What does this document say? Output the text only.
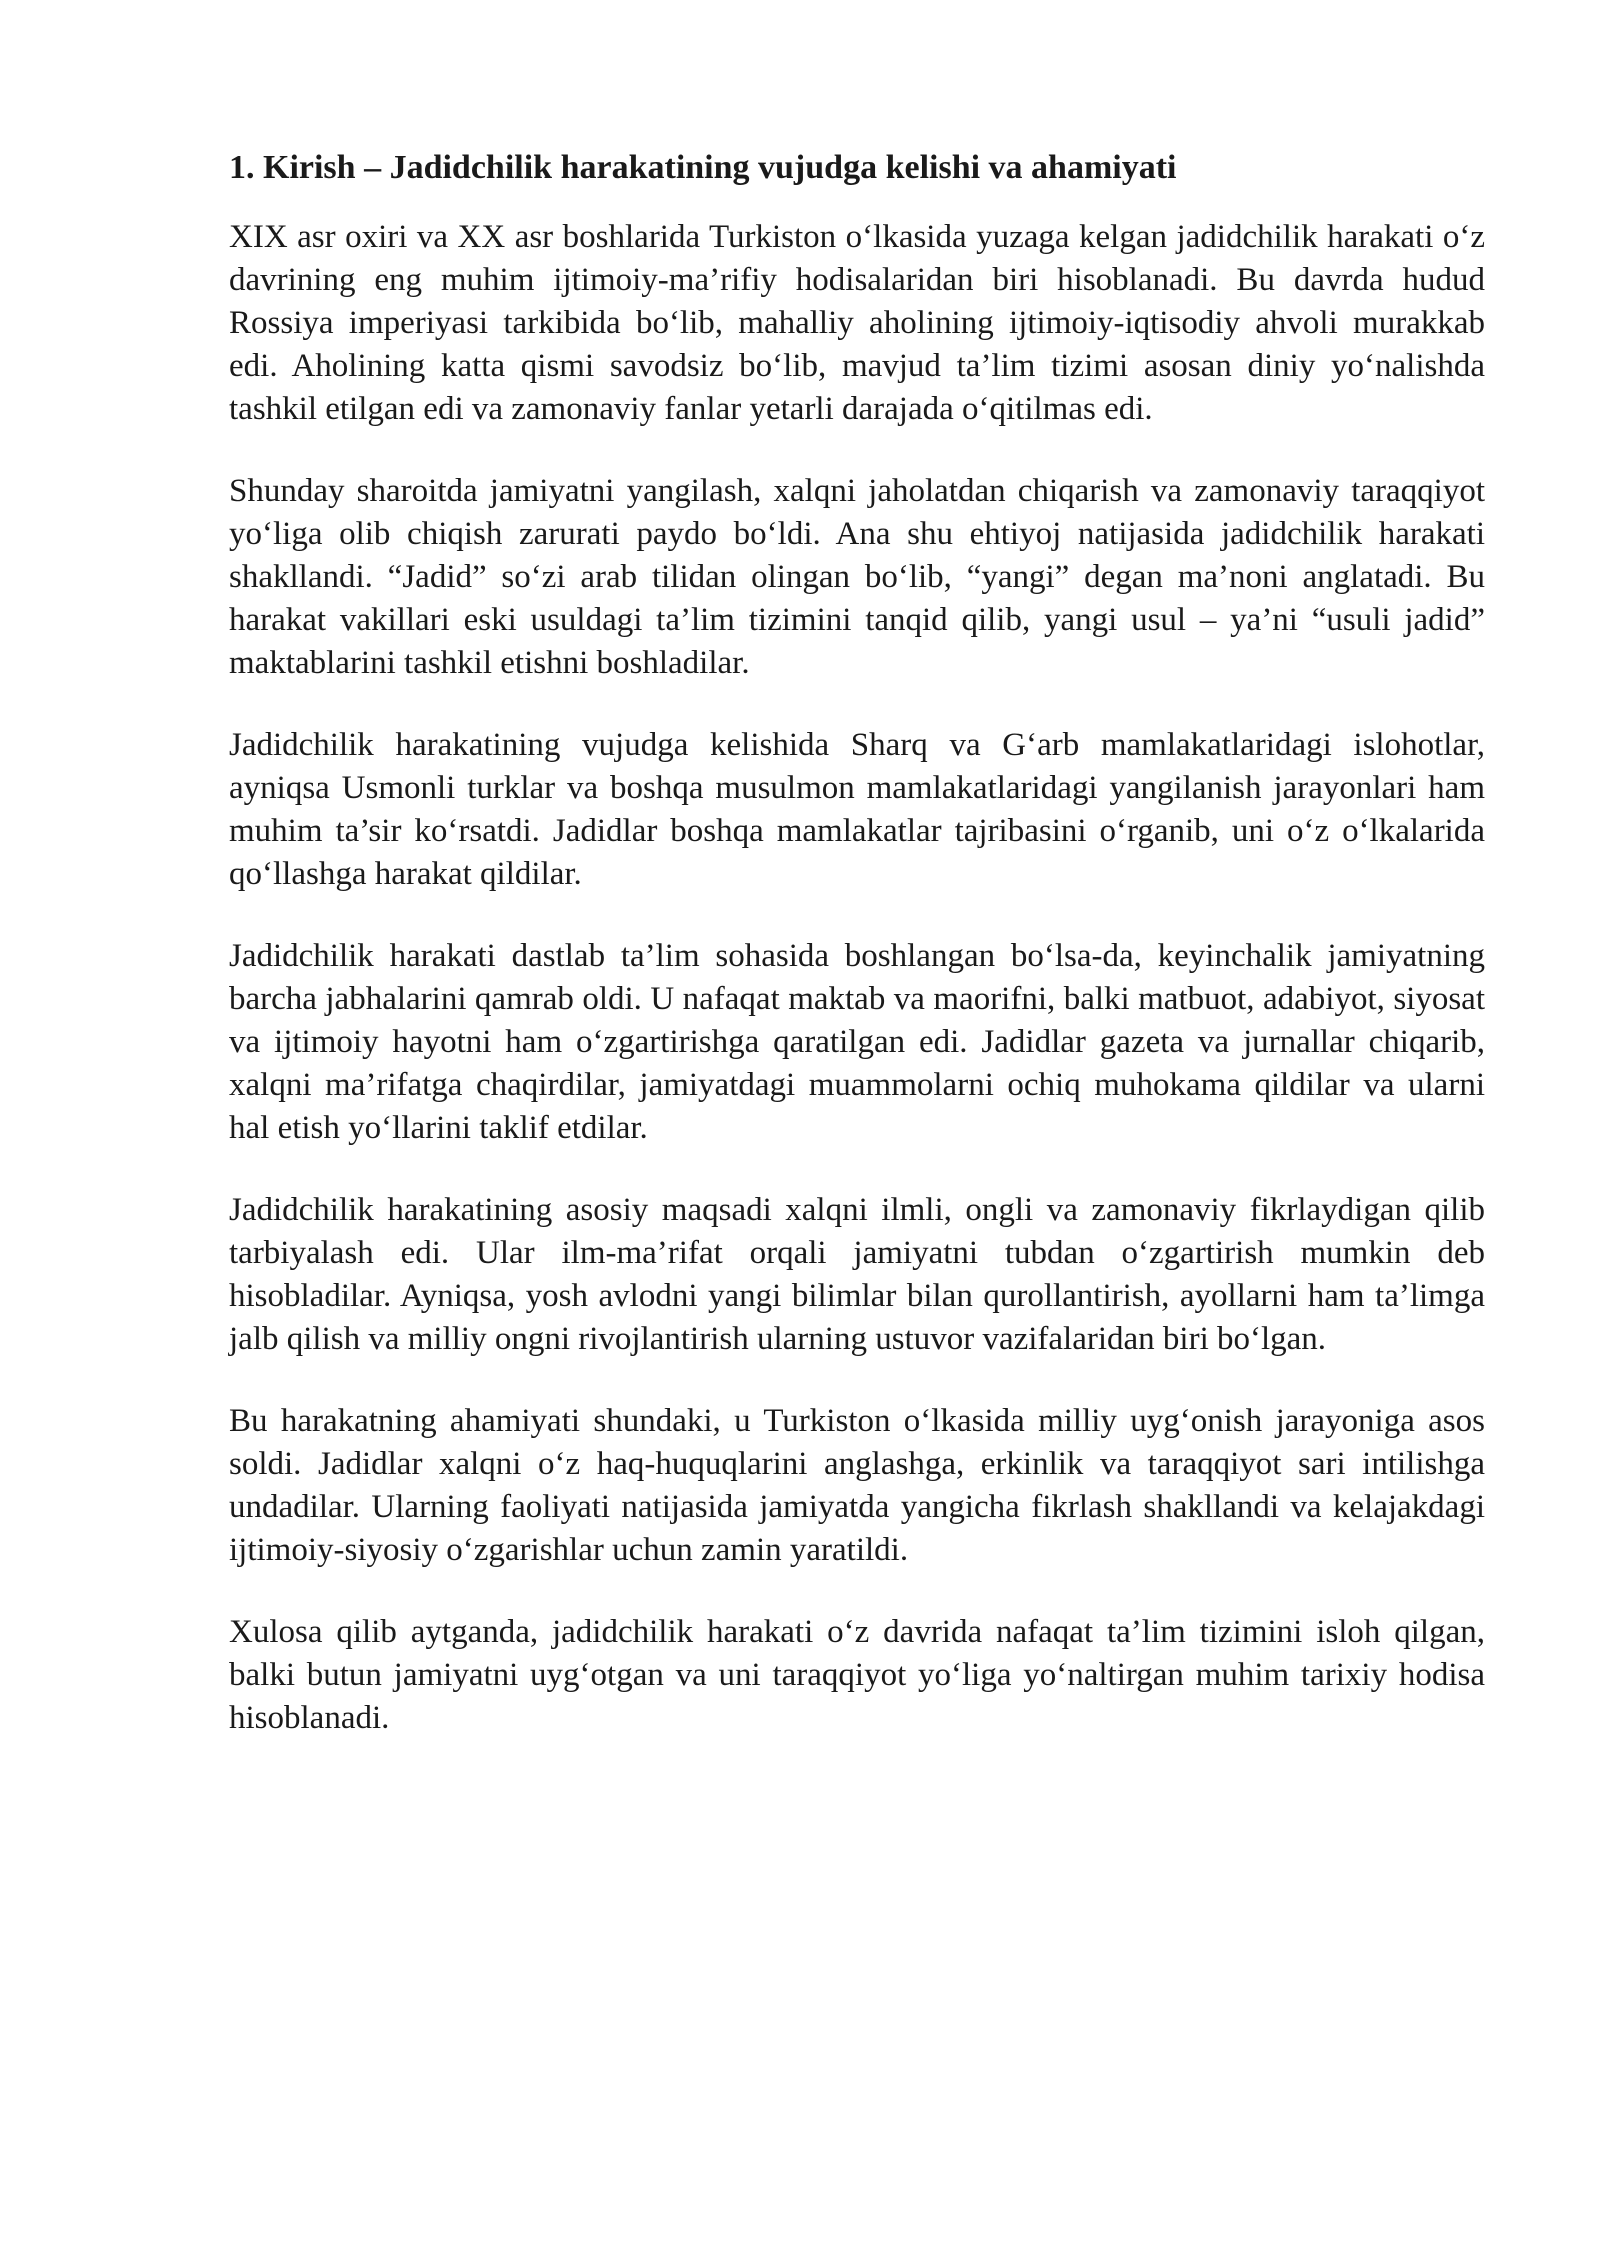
1. Kirish – Jadidchilik harakatining vujudga kelishi va ahamiyati

XIX asr oxiri va XX asr boshlarida Turkiston o‘lkasida yuzaga kelgan jadidchilik harakati o‘z davrining eng muhim ijtimoiy-ma’rifiy hodisalaridan biri hisoblanadi. Bu davrda hudud Rossiya imperiyasi tarkibida bo‘lib, mahalliy aholining ijtimoiy-iqtisodiy ahvoli murakkab edi. Aholining katta qismi savodsiz bo‘lib, mavjud ta’lim tizimi asosan diniy yo‘nalishda tashkil etilgan edi va zamonaviy fanlar yetarli darajada o‘qitilmas edi.

Shunday sharoitda jamiyatni yangilash, xalqni jaholatdan chiqarish va zamonaviy taraqqiyot yo‘liga olib chiqish zarurati paydo bo‘ldi. Ana shu ehtiyoj natijasida jadidchilik harakati shakllandi. “Jadid” so‘zi arab tilidan olingan bo‘lib, “yangi” degan ma’noni anglatadi. Bu harakat vakillari eski usuldagi ta’lim tizimini tanqid qilib, yangi usul – ya’ni “usuli jadid” maktablarini tashkil etishni boshladilar.

Jadidchilik harakatining vujudga kelishida Sharq va G‘arb mamlakatlaridagi islohotlar, ayniqsa Usmonli turklar va boshqa musulmon mamlakatlaridagi yangilanish jarayonlari ham muhim ta’sir ko‘rsatdi. Jadidlar boshqa mamlakatlar tajribasini o‘rganib, uni o‘z o‘lkalarida qo‘llashga harakat qildilar.

Jadidchilik harakati dastlab ta’lim sohasida boshlangan bo‘lsa-da, keyinchalik jamiyatning barcha jabhalarini qamrab oldi. U nafaqat maktab va maorifni, balki matbuot, adabiyot, siyosat va ijtimoiy hayotni ham o‘zgartirishga qaratilgan edi. Jadidlar gazeta va jurnallar chiqarib, xalqni ma’rifatga chaqirdilar, jamiyatdagi muammolarni ochiq muhokama qildilar va ularni hal etish yo‘llarini taklif etdilar.

Jadidchilik harakatining asosiy maqsadi xalqni ilmli, ongli va zamonaviy fikrlaydigan qilib tarbiyalash edi. Ular ilm-ma’rifat orqali jamiyatni tubdan o‘zgartirish mumkin deb hisobladilar. Ayniqsa, yosh avlodni yangi bilimlar bilan qurollantirish, ayollarni ham ta’limga jalb qilish va milliy ongni rivojlantirish ularning ustuvor vazifalaridan biri bo‘lgan.

Bu harakatning ahamiyati shundaki, u Turkiston o‘lkasida milliy uyg‘onish jarayoniga asos soldi. Jadidlar xalqni o‘z haq-huquqlarini anglashga, erkinlik va taraqqiyot sari intilishga undadilar. Ularning faoliyati natijasida jamiyatda yangicha fikrlash shakllandi va kelajakdagi ijtimoiy-siyosiy o‘zgarishlar uchun zamin yaratildi.

Xulosa qilib aytganda, jadidchilik harakati o‘z davrida nafaqat ta’lim tizimini isloh qilgan, balki butun jamiyatni uyg‘otgan va uni taraqqiyot yo‘liga yo‘naltirgan muhim tarixiy hodisa hisoblanadi.
